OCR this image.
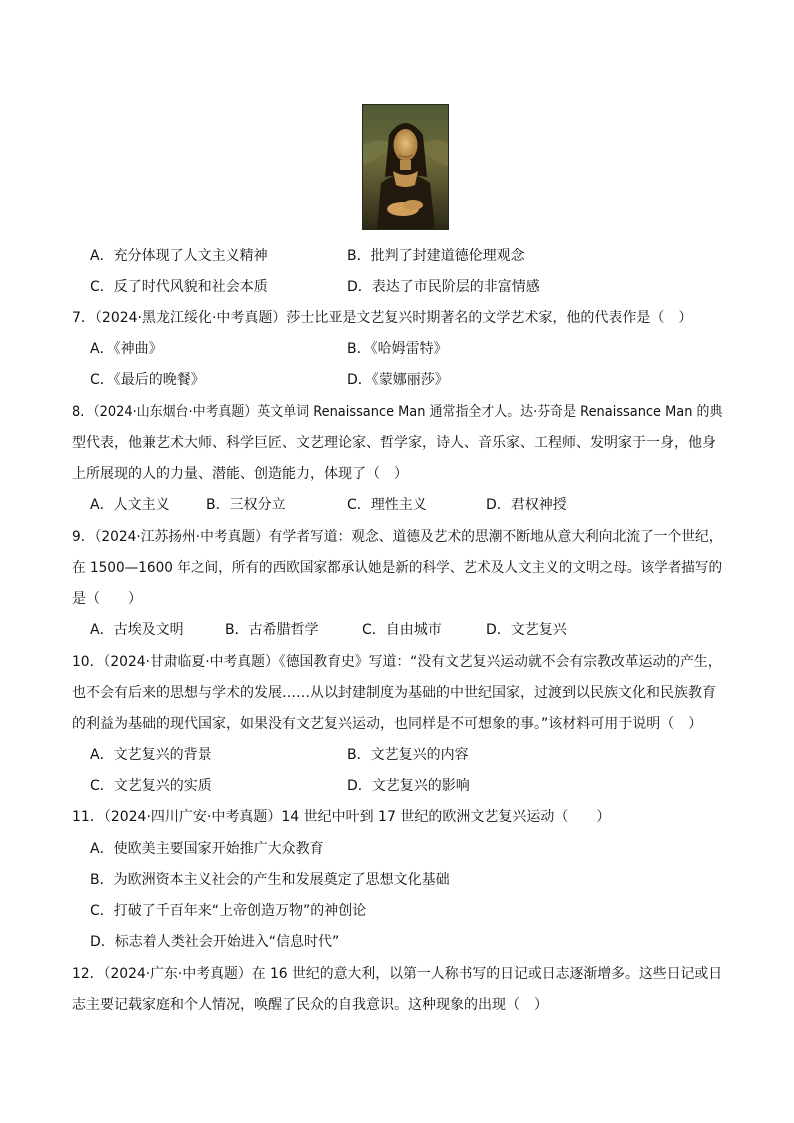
A．充分体现了人文主义精神	B．批判了封建道德伦理观念
C．反了时代风貌和社会本质	D．表达了市民阶层的非富情感
7．（2024·黑龙江绥化·中考真题）莎士比亚是文艺复兴时期著名的文学艺术家，他的代表作是（　）
A．《神曲》	B．《哈姆雷特》
C．《最后的晚餐》	D．《蒙娜丽莎》
8．（2024·山东烟台·中考真题）英文单词 Renaissance Man 通常指全才人。达·芬奇是 Renaissance Man 的典
型代表，他兼艺术大师、科学巨匠、文艺理论家、哲学家，诗人、音乐家、工程师、发明家于一身，他身
上所展现的人的力量、潜能、创造能力，体现了（　）
A．人文主义	B．三权分立	C．理性主义	D．君权神授
9．（2024·江苏扬州·中考真题）有学者写道：观念、道德及艺术的思潮不断地从意大利向北流了一个世纪，
在 1500—1600 年之间，所有的西欧国家都承认她是新的科学、艺术及人文主义的文明之母。该学者描写的
是（　　）
A．古埃及文明	B．古希腊哲学	C．自由城市	D．文艺复兴
10．（2024·甘肃临夏·中考真题）《德国教育史》写道：“没有文艺复兴运动就不会有宗教改革运动的产生，
也不会有后来的思想与学术的发展……从以封建制度为基础的中世纪国家，过渡到以民族文化和民族教育
的利益为基础的现代国家，如果没有文艺复兴运动，也同样是不可想象的事。”该材料可用于说明（　）
A．文艺复兴的背景	B．文艺复兴的内容
C．文艺复兴的实质	D．文艺复兴的影响
11．（2024·四川广安·中考真题）14 世纪中叶到 17 世纪的欧洲文艺复兴运动（　　）
A．使欧美主要国家开始推广大众教育
B．为欧洲资本主义社会的产生和发展奠定了思想文化基础
C．打破了千百年来“上帝创造万物”的神创论
D．标志着人类社会开始进入“信息时代”
12．（2024·广东·中考真题）在 16 世纪的意大利，以第一人称书写的日记或日志逐渐增多。这些日记或日
志主要记载家庭和个人情况，唤醒了民众的自我意识。这种现象的出现（　）
